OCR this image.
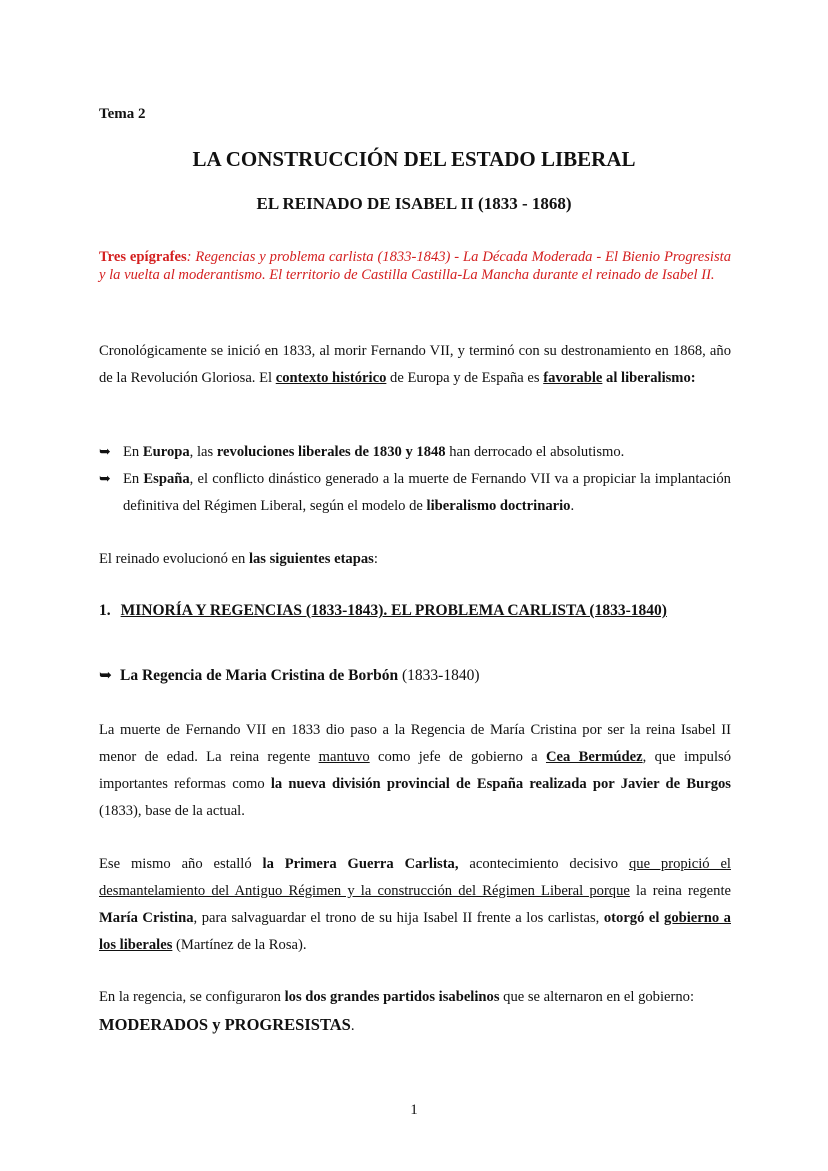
Tema 2
LA CONSTRUCCIÓN DEL ESTADO LIBERAL
EL REINADO DE ISABEL II (1833 - 1868)
Tres epígrafes: Regencias y problema carlista (1833-1843) - La Década Moderada - El Bienio Progresista y la vuelta al moderantismo. El territorio de Castilla Castilla-La Mancha durante el reinado de Isabel II.
Cronológicamente se inició en 1833, al morir Fernando VII, y terminó con su destronamiento en 1868, año de la Revolución Gloriosa. El contexto histórico de Europa y de España es favorable al liberalismo:
➥ En Europa, las revoluciones liberales de 1830 y 1848 han derrocado el absolutismo.
➥ En España, el conflicto dinástico generado a la muerte de Fernando VII va a propiciar la implantación definitiva del Régimen Liberal, según el modelo de liberalismo doctrinario.
El reinado evolucionó en las siguientes etapas:
1. MINORÍA Y REGENCIAS (1833-1843). EL PROBLEMA CARLISTA (1833-1840)
➥ La Regencia de Maria Cristina de Borbón (1833-1840)
La muerte de Fernando VII en 1833 dio paso a la Regencia de María Cristina por ser la reina Isabel II menor de edad. La reina regente mantuvo como jefe de gobierno a Cea Bermúdez, que impulsó importantes reformas como la nueva división provincial de España realizada por Javier de Burgos (1833), base de la actual.
Ese mismo año estalló la Primera Guerra Carlista, acontecimiento decisivo que propició el desmantelamiento del Antiguo Régimen y la construcción del Régimen Liberal porque la reina regente María Cristina, para salvaguardar el trono de su hija Isabel II frente a los carlistas, otorgó el gobierno a los liberales (Martínez de la Rosa).
En la regencia, se configuraron los dos grandes partidos isabelinos que se alternaron en el gobierno:
MODERADOS y PROGRESISTAS.
1
